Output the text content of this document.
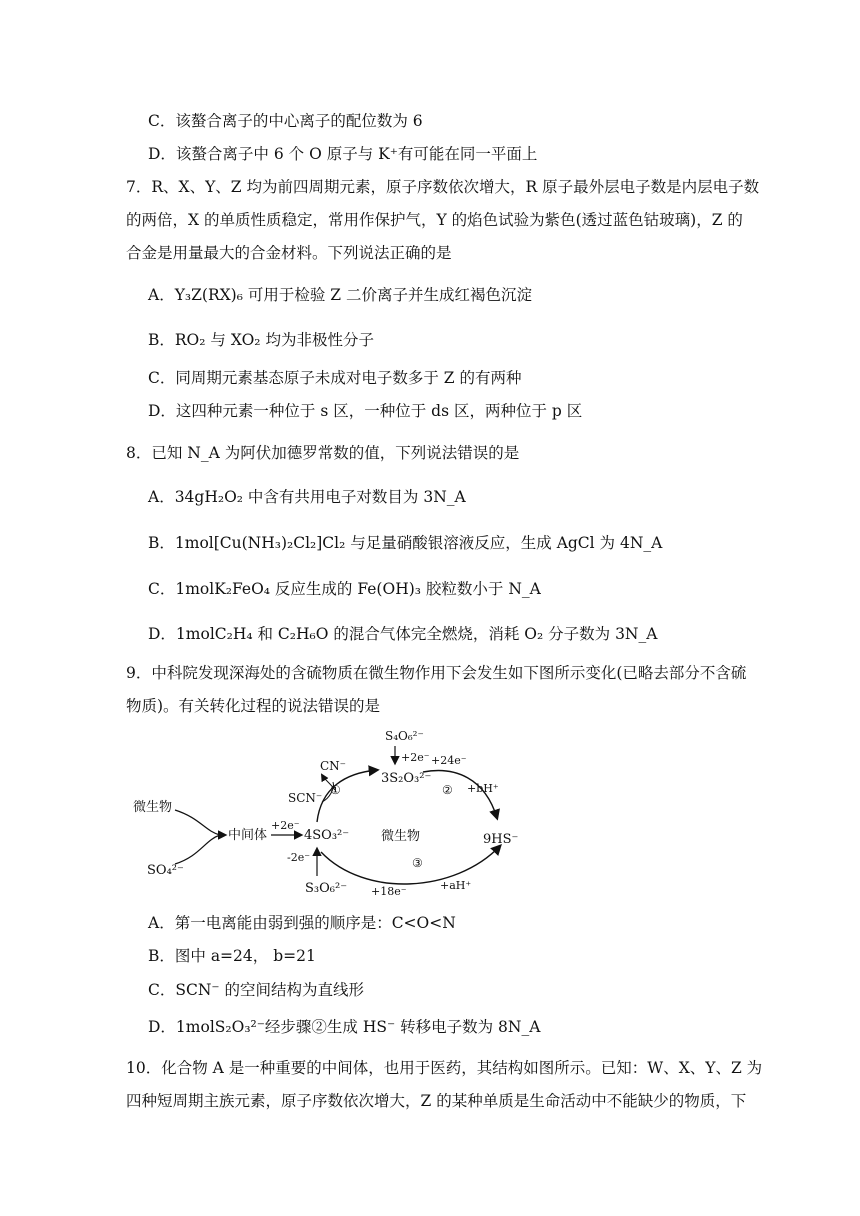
C．该螯合离子的中心离子的配位数为 6
D．该螯合离子中 6 个 O 原子与 K⁺有可能在同一平面上
7．R、X、Y、Z 均为前四周期元素，原子序数依次增大，R 原子最外层电子数是内层电子数
的两倍，X 的单质性质稳定，常用作保护气，Y 的焰色试验为紫色(透过蓝色钴玻璃)，Z 的
合金是用量最大的合金材料。下列说法正确的是
A．Y₃Z(RX)₆ 可用于检验 Z 二价离子并生成红褐色沉淀
B．RO₂ 与 XO₂ 均为非极性分子
C．同周期元素基态原子未成对电子数多于 Z 的有两种
D．这四种元素一种位于 s 区，一种位于 ds 区，两种位于 p 区
8．已知 N_A 为阿伏加德罗常数的值，下列说法错误的是
A．34gH₂O₂ 中含有共用电子对数目为 3N_A
B．1mol[Cu(NH₃)₂Cl₂]Cl₂ 与足量硝酸银溶液反应，生成 AgCl 为 4N_A
C．1molK₂FeO₄ 反应生成的 Fe(OH)₃ 胶粒数小于 N_A
D．1molC₂H₄ 和 C₂H₆O 的混合气体完全燃烧，消耗 O₂ 分子数为 3N_A
9．中科院发现深海处的含硫物质在微生物作用下会发生如下图所示变化(已略去部分不含硫
物质)。有关转化过程的说法错误的是
微生物
SO₄²⁻
中间体
+2e⁻
4SO₃²⁻
-2e⁻
S₃O₆²⁻
SCN⁻
CN⁻
①
S₄O₆²⁻
+2e⁻
3S₂O₃²⁻
+24e⁻
② +bH⁺
9HS⁻
微生物
③
+18e⁻	+aH⁺
A．第一电离能由弱到强的顺序是：C<O<N
B．图中 a=24， b=21
C．SCN⁻ 的空间结构为直线形
D．1molS₂O₃²⁻经步骤②生成 HS⁻ 转移电子数为 8N_A
10．化合物 A 是一种重要的中间体，也用于医药，其结构如图所示。已知：W、X、Y、Z 为
四种短周期主族元素，原子序数依次增大，Z 的某种单质是生命活动中不能缺少的物质，下
